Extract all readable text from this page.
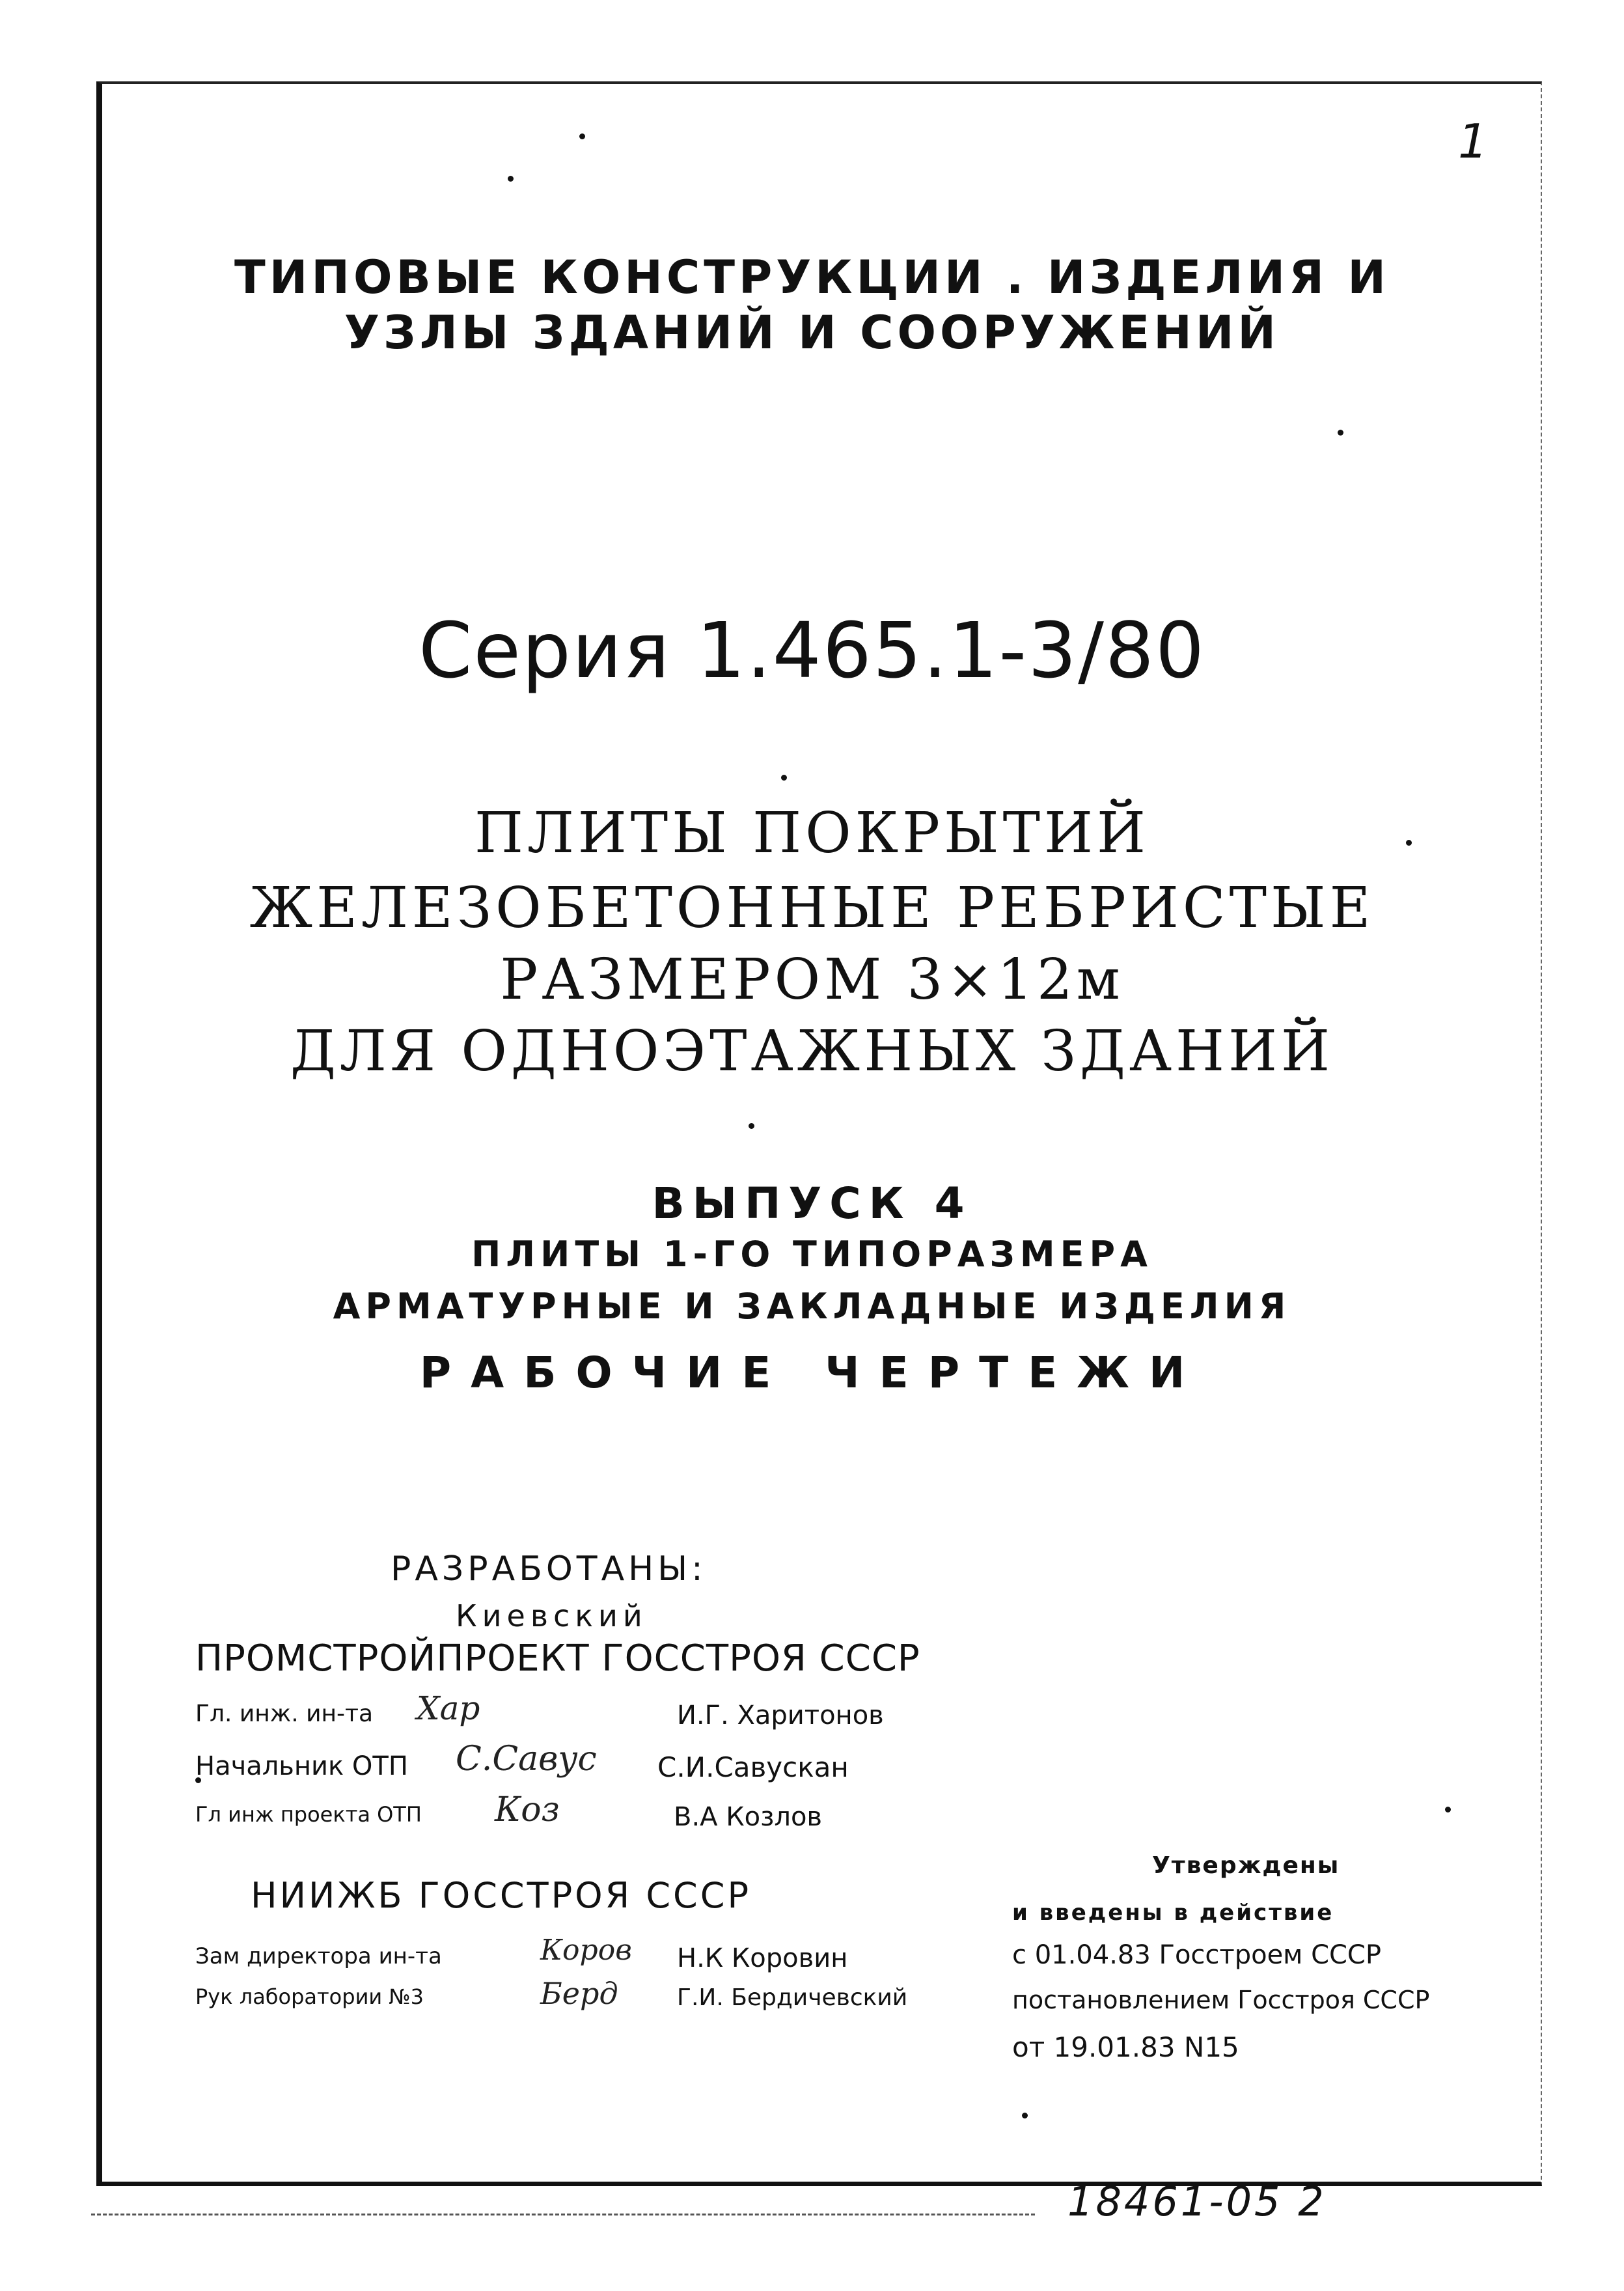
1
ТИПОВЫЕ КОНСТРУКЦИИ . ИЗДЕЛИЯ И
УЗЛЫ ЗДАНИЙ И СООРУЖЕНИЙ
Серия 1.465.1-3/80
ПЛИТЫ ПОКРЫТИЙ
ЖЕЛЕЗОБЕТОННЫЕ РЕБРИСТЫЕ
РАЗМЕРОМ 3×12м
ДЛЯ ОДНОЭТАЖНЫХ ЗДАНИЙ
ВЫПУСК 4
ПЛИТЫ 1-ГО ТИПОРАЗМЕРА
АРМАТУРНЫЕ И ЗАКЛАДНЫЕ ИЗДЕЛИЯ
РАБОЧИЕ ЧЕРТЕЖИ
РАЗРАБОТАНЫ:
Киевский
ПРОМСТРОЙПРОЕКТ ГОССТРОЯ СССР
Гл. инж. ин-та Хар	И.Г. Харитонов
Начальник ОТП С.Савус С.И.Савускан
Гл инж проекта ОТП Коз	В.А Козлов
НИИЖБ ГОССТРОЯ СССР
Зам директора ин-та	Коров Н.К Коровин
Рук лаборатории №3	Берд	Г.И. Бердичевский
Утверждены
и введены в действие
с 01.04.83 Госстроем СССР
постановлением Госстроя СССР
от 19.01.83 N15
18461-05 2
